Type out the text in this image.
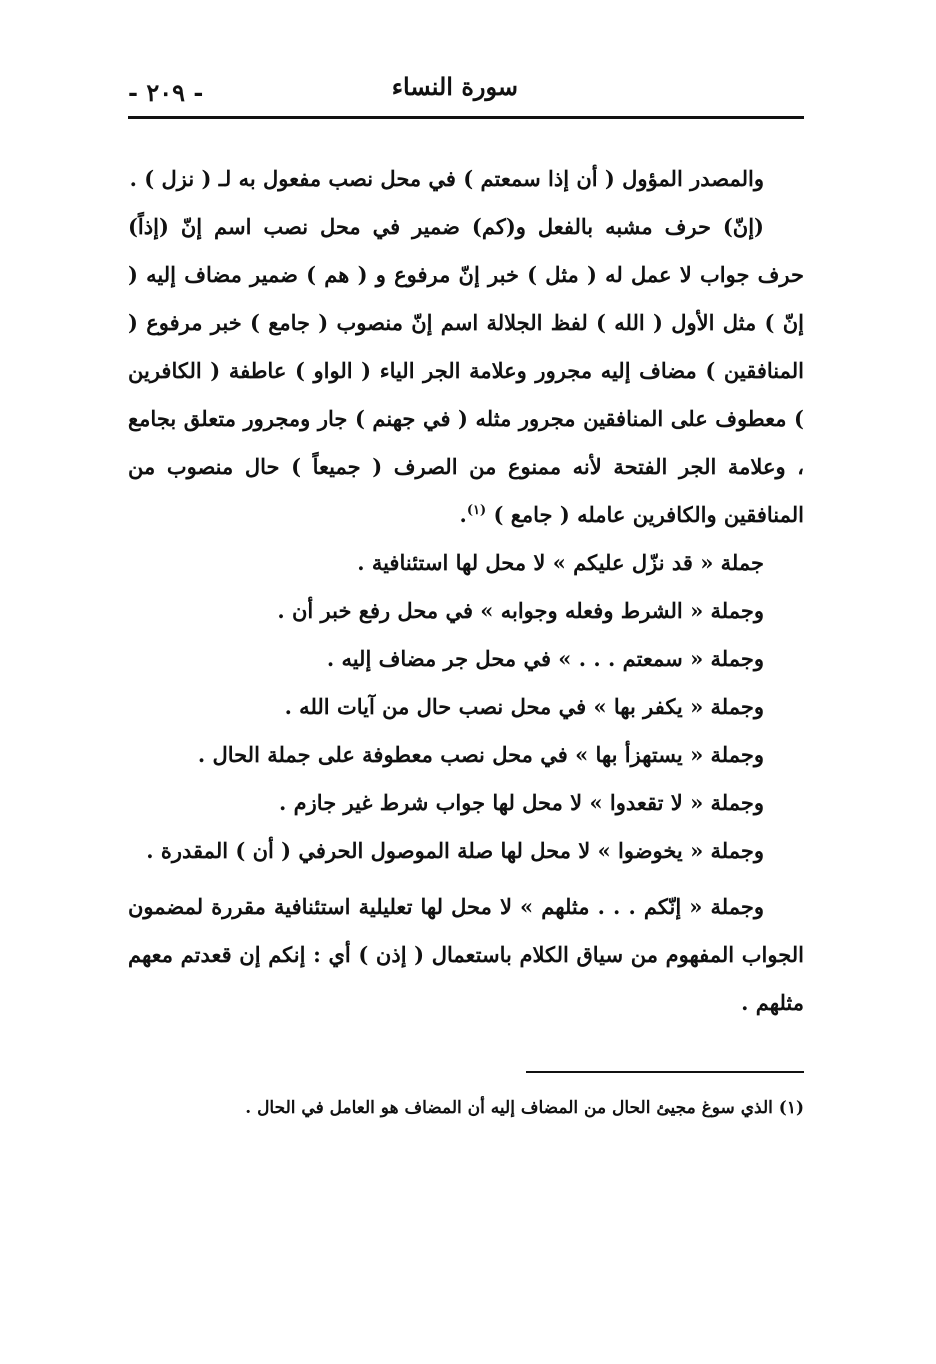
سورة النساء
- ٢٠٩ -

والمصدر المؤول ( أن إذا سمعتم ) في محل نصب مفعول به لـ ( نزل ) .

(إنّ) حرف مشبه بالفعل و(كم) ضمير في محل نصب اسم إنّ (إذاً) حرف جواب لا عمل له ( مثل ) خبر إنّ مرفوع و ( هم ) ضمير مضاف إليه ( إنّ ) مثل الأول ( الله ) لفظ الجلالة اسم إنّ منصوب ( جامع ) خبر مرفوع ( المنافقين ) مضاف إليه مجرور وعلامة الجر الياء ( الواو ) عاطفة ( الكافرين ) معطوف على المنافقين مجرور مثله ( في جهنم ) جار ومجرور متعلق بجامع ، وعلامة الجر الفتحة لأنه ممنوع من الصرف ( جميعاً ) حال منصوب من المنافقين والكافرين عامله ( جامع ) $^{(١)}$.

جملة « قد نزّل عليكم » لا محل لها استئنافية .

وجملة « الشرط وفعله وجوابه » في محل رفع خبر أن .

وجملة « سمعتم . . . » في محل جر مضاف إليه .

وجملة « يكفر بها » في محل نصب حال من آيات الله .

وجملة « يستهزأ بها » في محل نصب معطوفة على جملة الحال .

وجملة « لا تقعدوا » لا محل لها جواب شرط غير جازم .

وجملة « يخوضوا » لا محل لها صلة الموصول الحرفي ( أن ) المقدرة .

وجملة « إنّكم . . . مثلهم » لا محل لها تعليلية استئنافية مقررة لمضمون الجواب المفهوم من سياق الكلام باستعمال ( إذن ) أي : إنكم إن قعدتم معهم مثلهم .

(١) الذي سوغ مجيئ الحال من المضاف إليه أن المضاف هو العامل في الحال .
